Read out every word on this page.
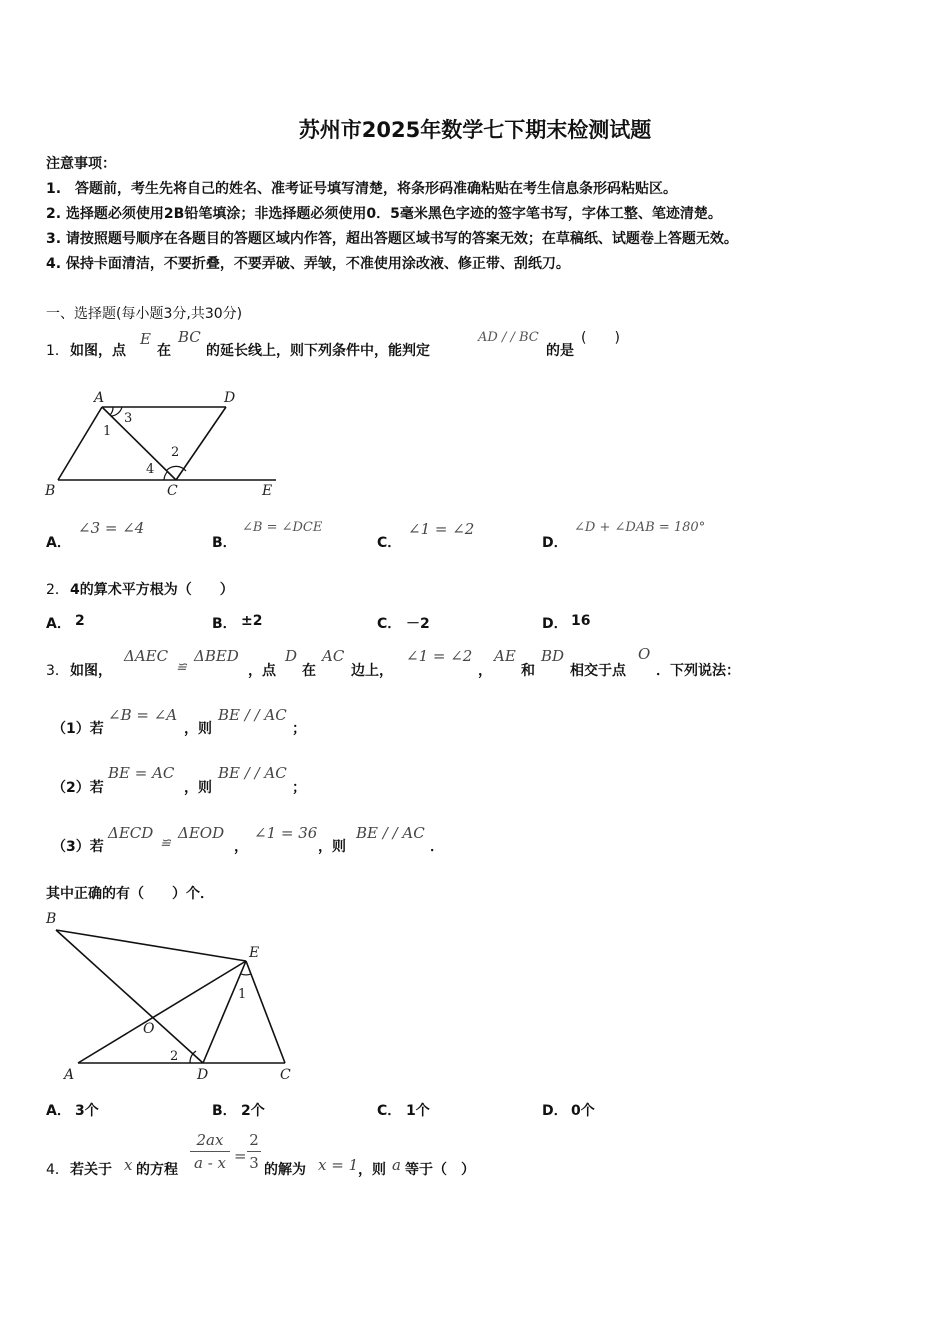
苏州市2025年数学七下期末检测试题
注意事项：
1.　答题前，考生先将自己的姓名、准考证号填写清楚，将条形码准确粘贴在考生信息条形码粘贴区。
2. 选择题必须使用2B铅笔填涂；非选择题必须使用0．5毫米黑色字迹的签字笔书写，字体工整、笔迹清楚。
3. 请按照题号顺序在各题目的答题区域内作答，超出答题区域书写的答案无效；在草稿纸、试题卷上答题无效。
4. 保持卡面清洁，不要折叠，不要弄破、弄皱，不准使用涂改液、修正带、刮纸刀。
一、选择题(每小题3分,共30分)
1． 如图，点
E
在
BC
的延长线上，则下列条件中，能判定
AD / / BC
的是
(　　)
A	D
B	C	E
1
3
2
4
A．
∠3 = ∠4
B．
∠B = ∠DCE
C．
∠1 = ∠2
D．
∠D + ∠DAB = 180°
2． 4的算术平方根为（　　）
A． 2	B． ±2	C． －2	D． 16
3． 如图，
ΔAEC
≌
ΔBED
，点
D
在
AC
边上，
∠1 = ∠2
，
AE
和
BD
相交于点
O
．下列说法：
（1）若
∠B = ∠A
，则
BE / / AC
；
（2）若
BE = AC
，则
BE / / AC
；
（3）若
ΔECD
≌
ΔEOD
，
∠1 = 36
，则
BE / / AC
．
其中正确的有（　　）个．
B
E
1
O
2
A	D	C
A． 3个	B． 2个	C． 1个	D． 0个
4． 若关于 x 的方程
2ax
a - x =
2
3 的解为 x = 1 ，则 a 等于（　）
